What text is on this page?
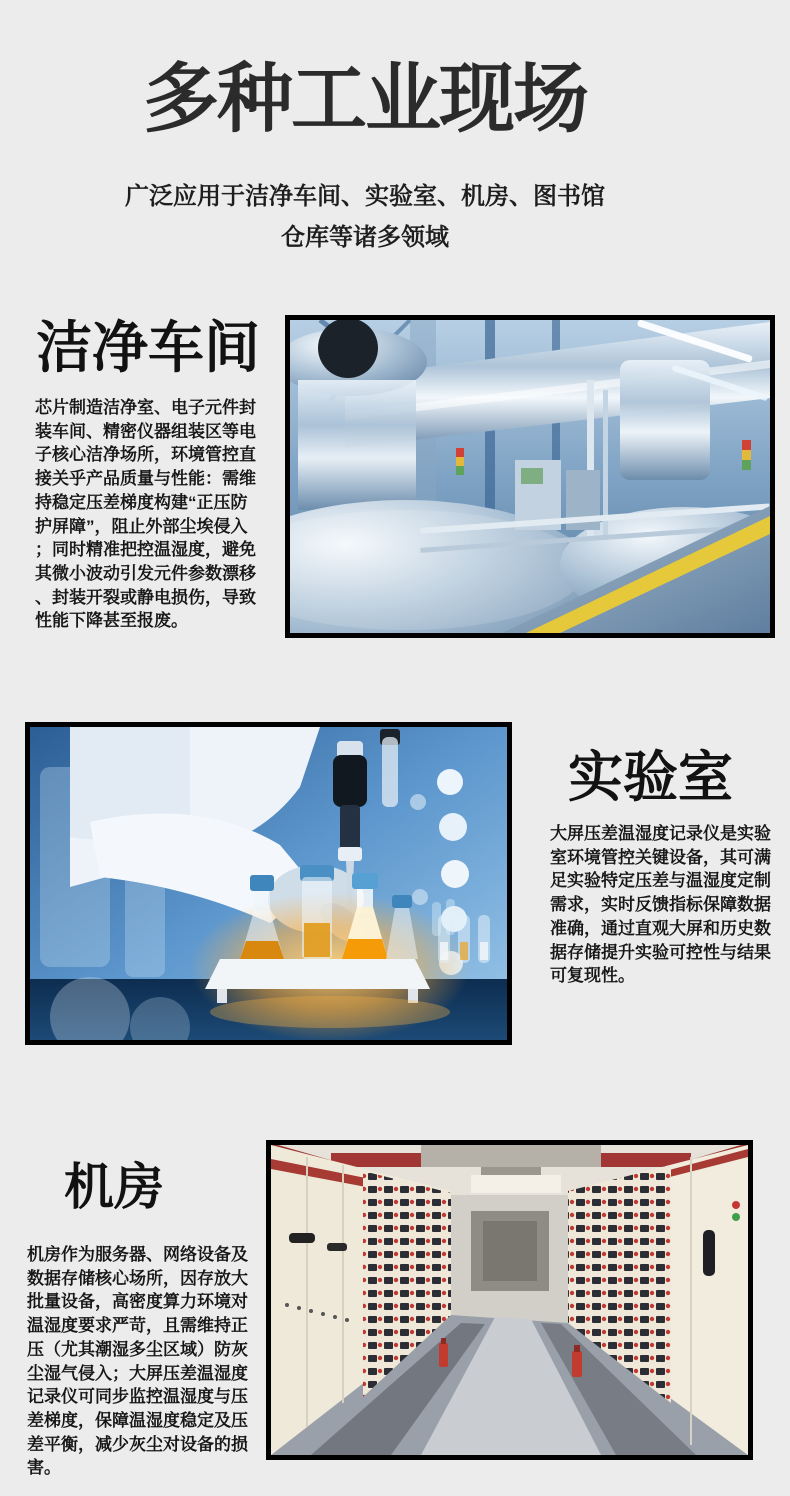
多种工业现场
广泛应用于洁净车间、实验室、机房、图书馆
仓库等诸多领域
洁净车间

芯片制造洁净室、电子元件封装车间、精密仪器组装区等电子核心洁净场所，环境管控直接关乎产品质量与性能：需维持稳定压差梯度构建“正压防护屏障”，阻止外部尘埃侵入；同时精准把控温湿度，避免其微小波动引发元件参数漂移、封装开裂或静电损伤，导致性能下降甚至报废。

实验室

大屏压差温湿度记录仪是实验室环境管控关键设备，其可满足实验特定压差与温湿度定制需求，实时反馈指标保障数据准确，通过直观大屏和历史数据存储提升实验可控性与结果可复现性。

机房

机房作为服务器、网络设备及数据存储核心场所，因存放大批量设备，高密度算力环境对温湿度要求严苛，且需维持正压（尤其潮湿多尘区域）防灰尘湿气侵入；大屏压差温湿度记录仪可同步监控温湿度与压差梯度，保障温湿度稳定及压差平衡，减少灰尘对设备的损害。
